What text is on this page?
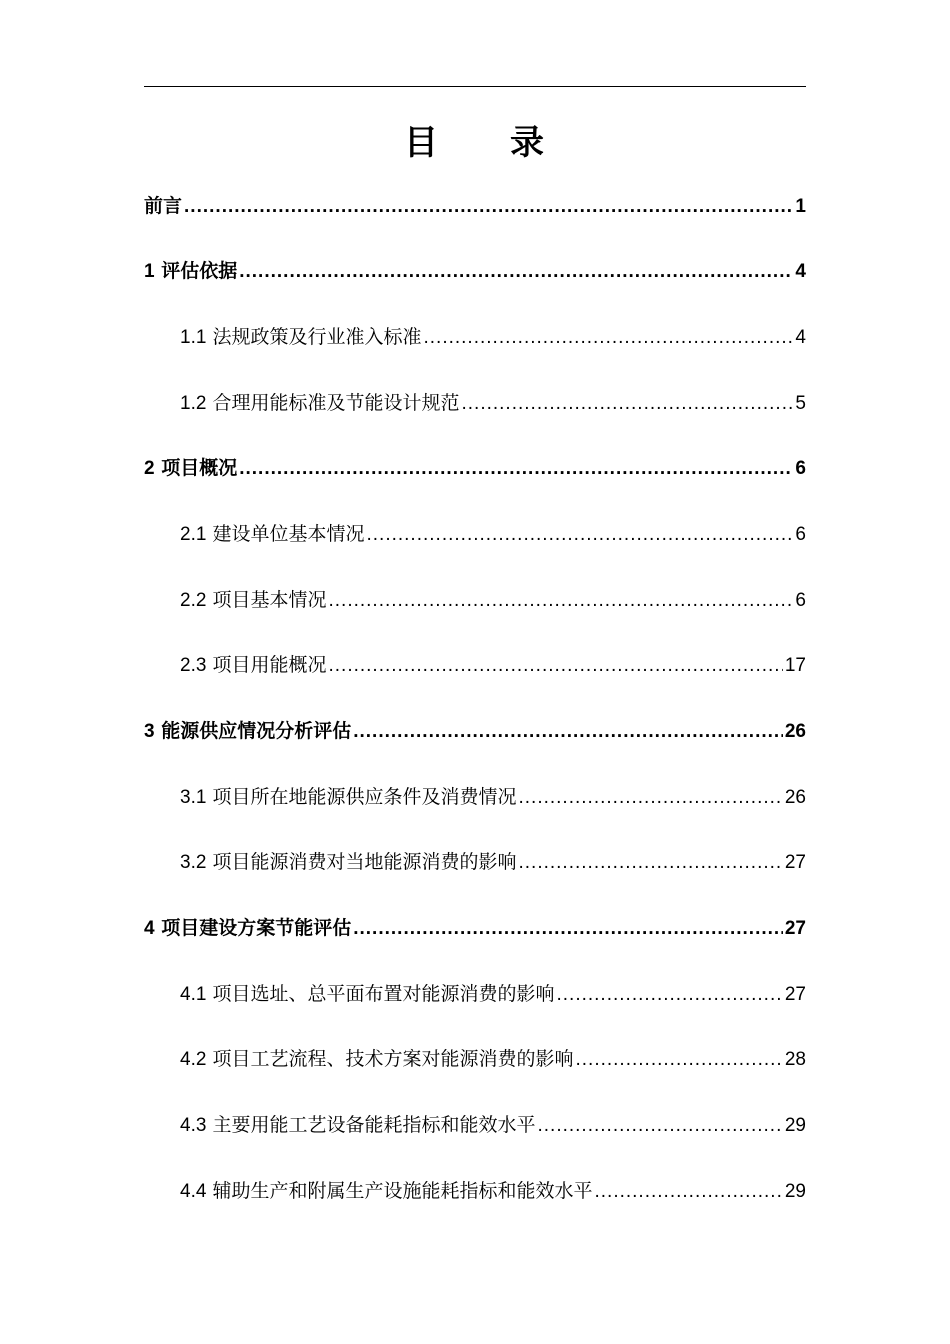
目 录
前言 .....	1
1 评估依据 .....	4
1.1 法规政策及行业准入标准 .....	4
1.2 合理用能标准及节能设计规范 .....	5
2 项目概况 .....	6
2.1 建设单位基本情况 .....	6
2.2 项目基本情况 .....	6
2.3 项目用能概况 .....	17
3 能源供应情况分析评估 .....	26
3.1 项目所在地能源供应条件及消费情况 .....	26
3.2 项目能源消费对当地能源消费的影响 .....	27
4 项目建设方案节能评估 .....	27
4.1 项目选址、总平面布置对能源消费的影响 .....	27
4.2 项目工艺流程、技术方案对能源消费的影响 .....	28
4.3 主要用能工艺设备能耗指标和能效水平 .....	29
4.4 辅助生产和附属生产设施能耗指标和能效水平 .....	29
